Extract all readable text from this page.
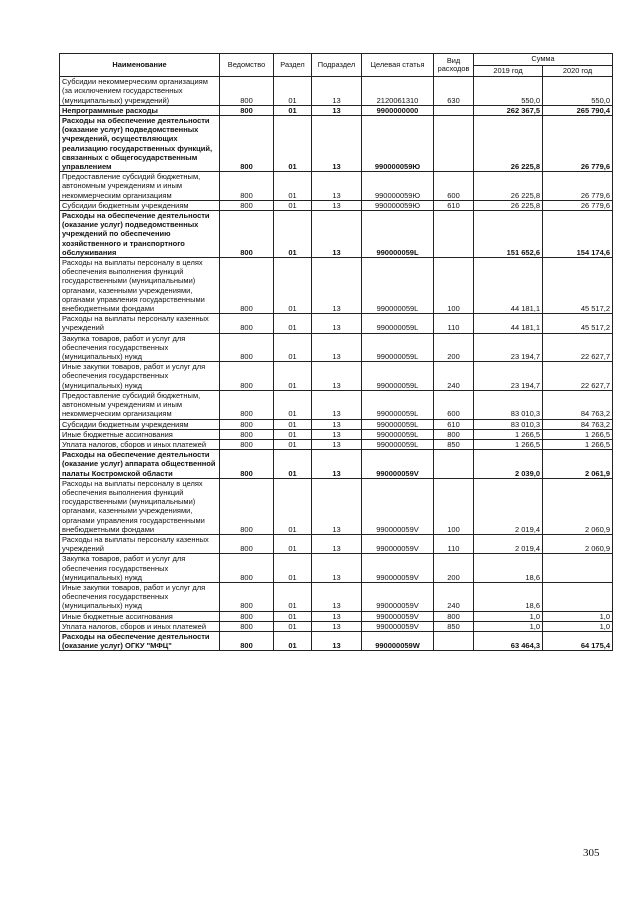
Наименование	Ведомство	Раздел	Подраздел	Целевая статья	Вид расходов	Сумма	
						2019 год	2020 год
Субсидии некоммерческим организациям (за исключением государственных (муниципальных) учреждений)	800	01	13	2120061310	630	550,0	550,0
Непрограммные расходы	800	01	13	9900000000		262 367,5	265 790,4
Расходы на обеспечение деятельности (оказание услуг) подведомственных учреждений, осуществляющих реализацию государственных функций, связанных с общегосударственным управлением	800	01	13	990000059Ю		26 225,8	26 779,6
Предоставление субсидий бюджетным, автономным учреждениям и иным некоммерческим организациям	800	01	13	990000059Ю	600	26 225,8	26 779,6
Субсидии бюджетным учреждениям	800	01	13	990000059Ю	610	26 225,8	26 779,6
Расходы на обеспечение деятельности (оказание услуг) подведомственных учреждений по обеспечению хозяйственного и транспортного обслуживания	800	01	13	990000059L		151 652,6	154 174,6
Расходы на выплаты персоналу в целях обеспечения выполнения функций государственными (муниципальными) органами, казенными учреждениями, органами управления государственными внебюджетными фондами	800	01	13	990000059L	100	44 181,1	45 517,2
Расходы на выплаты персоналу казенных учреждений	800	01	13	990000059L	110	44 181,1	45 517,2
Закупка товаров, работ и услуг для обеспечения государственных (муниципальных) нужд	800	01	13	990000059L	200	23 194,7	22 627,7
Иные закупки товаров, работ и услуг для обеспечения государственных (муниципальных) нужд	800	01	13	990000059L	240	23 194,7	22 627,7
Предоставление субсидий бюджетным, автономным учреждениям и иным некоммерческим организациям	800	01	13	990000059L	600	83 010,3	84 763,2
Субсидии бюджетным учреждениям	800	01	13	990000059L	610	83 010,3	84 763,2
Иные бюджетные ассигнования	800	01	13	990000059L	800	1 266,5	1 266,5
Уплата налогов, сборов и иных платежей	800	01	13	990000059L	850	1 266,5	1 266,5
Расходы на обеспечение деятельности (оказание услуг) аппарата общественной палаты Костромской области	800	01	13	990000059V		2 039,0	2 061,9
Расходы на выплаты персоналу в целях обеспечения выполнения функций государственными (муниципальными) органами, казенными учреждениями, органами управления государственными внебюджетными фондами	800	01	13	990000059V	100	2 019,4	2 060,9
Расходы на выплаты персоналу казенных учреждений	800	01	13	990000059V	110	2 019,4	2 060,9
Закупка товаров, работ и услуг для обеспечения государственных (муниципальных) нужд	800	01	13	990000059V	200	18,6	
Иные закупки товаров, работ и услуг для обеспечения государственных (муниципальных) нужд	800	01	13	990000059V	240	18,6	
Иные бюджетные ассигнования	800	01	13	990000059V	800	1,0	1,0
Уплата налогов, сборов и иных платежей	800	01	13	990000059V	850	1,0	1,0
Расходы на обеспечение деятельности (оказание услуг) ОГКУ "МФЦ"	800	01	13	990000059W		63 464,3	64 175,4
305
